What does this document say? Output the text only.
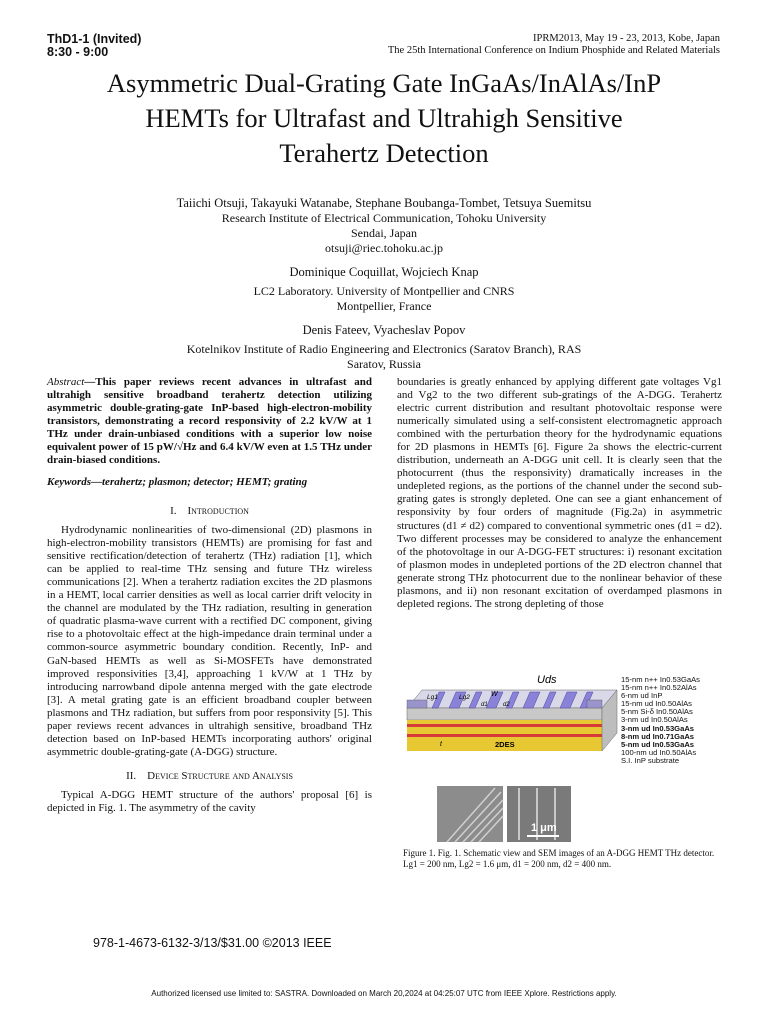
ThD1-1 (Invited)
8:30 - 9:00
IPRM2013, May 19 - 23, 2013, Kobe, Japan
The 25th International Conference on Indium Phosphide and Related Materials
Asymmetric Dual-Grating Gate InGaAs/InAlAs/InP
HEMTs for Ultrafast and Ultrahigh Sensitive
Terahertz Detection
Taiichi Otsuji, Takayuki Watanabe, Stephane Boubanga-Tombet, Tetsuya Suemitsu
Research Institute of Electrical Communication, Tohoku University
Sendai, Japan
otsuji@riec.tohoku.ac.jp
Dominique Coquillat, Wojciech Knap
LC2 Laboratory. University of Montpellier and CNRS
Montpellier, France
Denis Fateev, Vyacheslav Popov
Kotelnikov Institute of Radio Engineering and Electronics (Saratov Branch), RAS
Saratov, Russia
Abstract—This paper reviews recent advances in ultrafast and ultrahigh sensitive broadband terahertz detection utilizing asymmetric double-grating-gate InP-based high-electron-mobility transistors, demonstrating a record responsivity of 2.2 kV/W at 1 THz under drain-unbiased conditions with a superior low noise equivalent power of 15 pW/√Hz and 6.4 kV/W even at 1.5 THz under drain-biased conditions.
Keywords—terahertz; plasmon; detector; HEMT; grating
I. Introduction

Hydrodynamic nonlinearities of two-dimensional (2D) plasmons in high-electron-mobility transistors (HEMTs) are promising for fast and sensitive rectification/detection of terahertz (THz) radiation [1], which can be applied to real-time THz sensing and future THz wireless communications [2]. When a terahertz radiation excites the 2D plasmons in a HEMT, local carrier densities as well as local carrier drift velocity in the channel are modulated by the THz radiation, resulting in generation of quadratic plasma-wave current with a rectified DC component, giving rise to a photovoltaic effect at the high-impedance drain terminal under a common-source asymmetric boundary condition. Recently, InP- and GaN-based HEMTs as well as Si-MOSFETs have demonstrated improved responsivities [3,4], approaching 1 kV/W at 1 THz by introducing narrowband dipole antenna merged with the gate electrode [3]. A metal grating gate is an efficient broadband coupler between plasmons and THz radiation, but suffers from poor responsivity [5]. This paper reviews recent advances in ultrahigh sensitive, broadband THz detection based on InP-based HEMTs incorporating authors' original asymmetric double-grating-gate (A-DGG) structure.

II. Device Structure and Analysis

Typical A-DGG HEMT structure of the authors' proposal [6] is depicted in Fig. 1. The asymmetry of the cavity

boundaries is greatly enhanced by applying different gate voltages Vg1 and Vg2 to the two different sub-gratings of the A-DGG. Terahertz electric current distribution and resultant photovoltaic response were numerically simulated using a self-consistent electromagnetic approach combined with the perturbation theory for the hydrodynamic equations for 2D plasmons in HEMTs [6]. Figure 2a shows the electric-current distribution, underneath an A-DGG unit cell. It is clearly seen that the photocurrent (thus the responsivity) dramatically increases in the undepleted regions, as the portions of the channel under the second sub-grating gates is strongly depleted. One can see a giant enhancement of responsivity by four orders of magnitude (Fig.2a) in asymmetric structures (d1 ≠ d2) compared to conventional symmetric ones (d1 = d2). Two different processes may be considered to analyze the enhancement of the photovoltage in our A-DGG-FET structures: i) resonant excitation of plasmon modes in undepleted portions of the 2D electron channel that generate strong THz photocurrent due to the nonlinear behavior of these plasmons, and ii) non resonant excitation of overdamped plasmons in depleted regions. The strong depleting of those

Uds
Lg1	Lg2	W
d1	d2
t	2DES
1 μm
15-nm n++ In0.53GaAs
15-nm n++ In0.52AlAs
6-nm ud InP
15-nm ud In0.50AlAs
5-nm Si-δ In0.50AlAs
3-nm ud In0.50AlAs
3-nm ud In0.53GaAs
8-nm ud In0.71GaAs
5-nm ud In0.53GaAs
100-nm ud In0.50AlAs
S.I. InP substrate
Figure 1. Fig. 1. Schematic view and SEM images of an A-DGG HEMT THz detector. Lg1 = 200 nm, Lg2 = 1.6 μm, d1 = 200 nm, d2 = 400 nm.
978-1-4673-6132-3/13/$31.00 ©2013 IEEE
Authorized licensed use limited to: SASTRA. Downloaded on March 20,2024 at 04:25:07 UTC from IEEE Xplore. Restrictions apply.
